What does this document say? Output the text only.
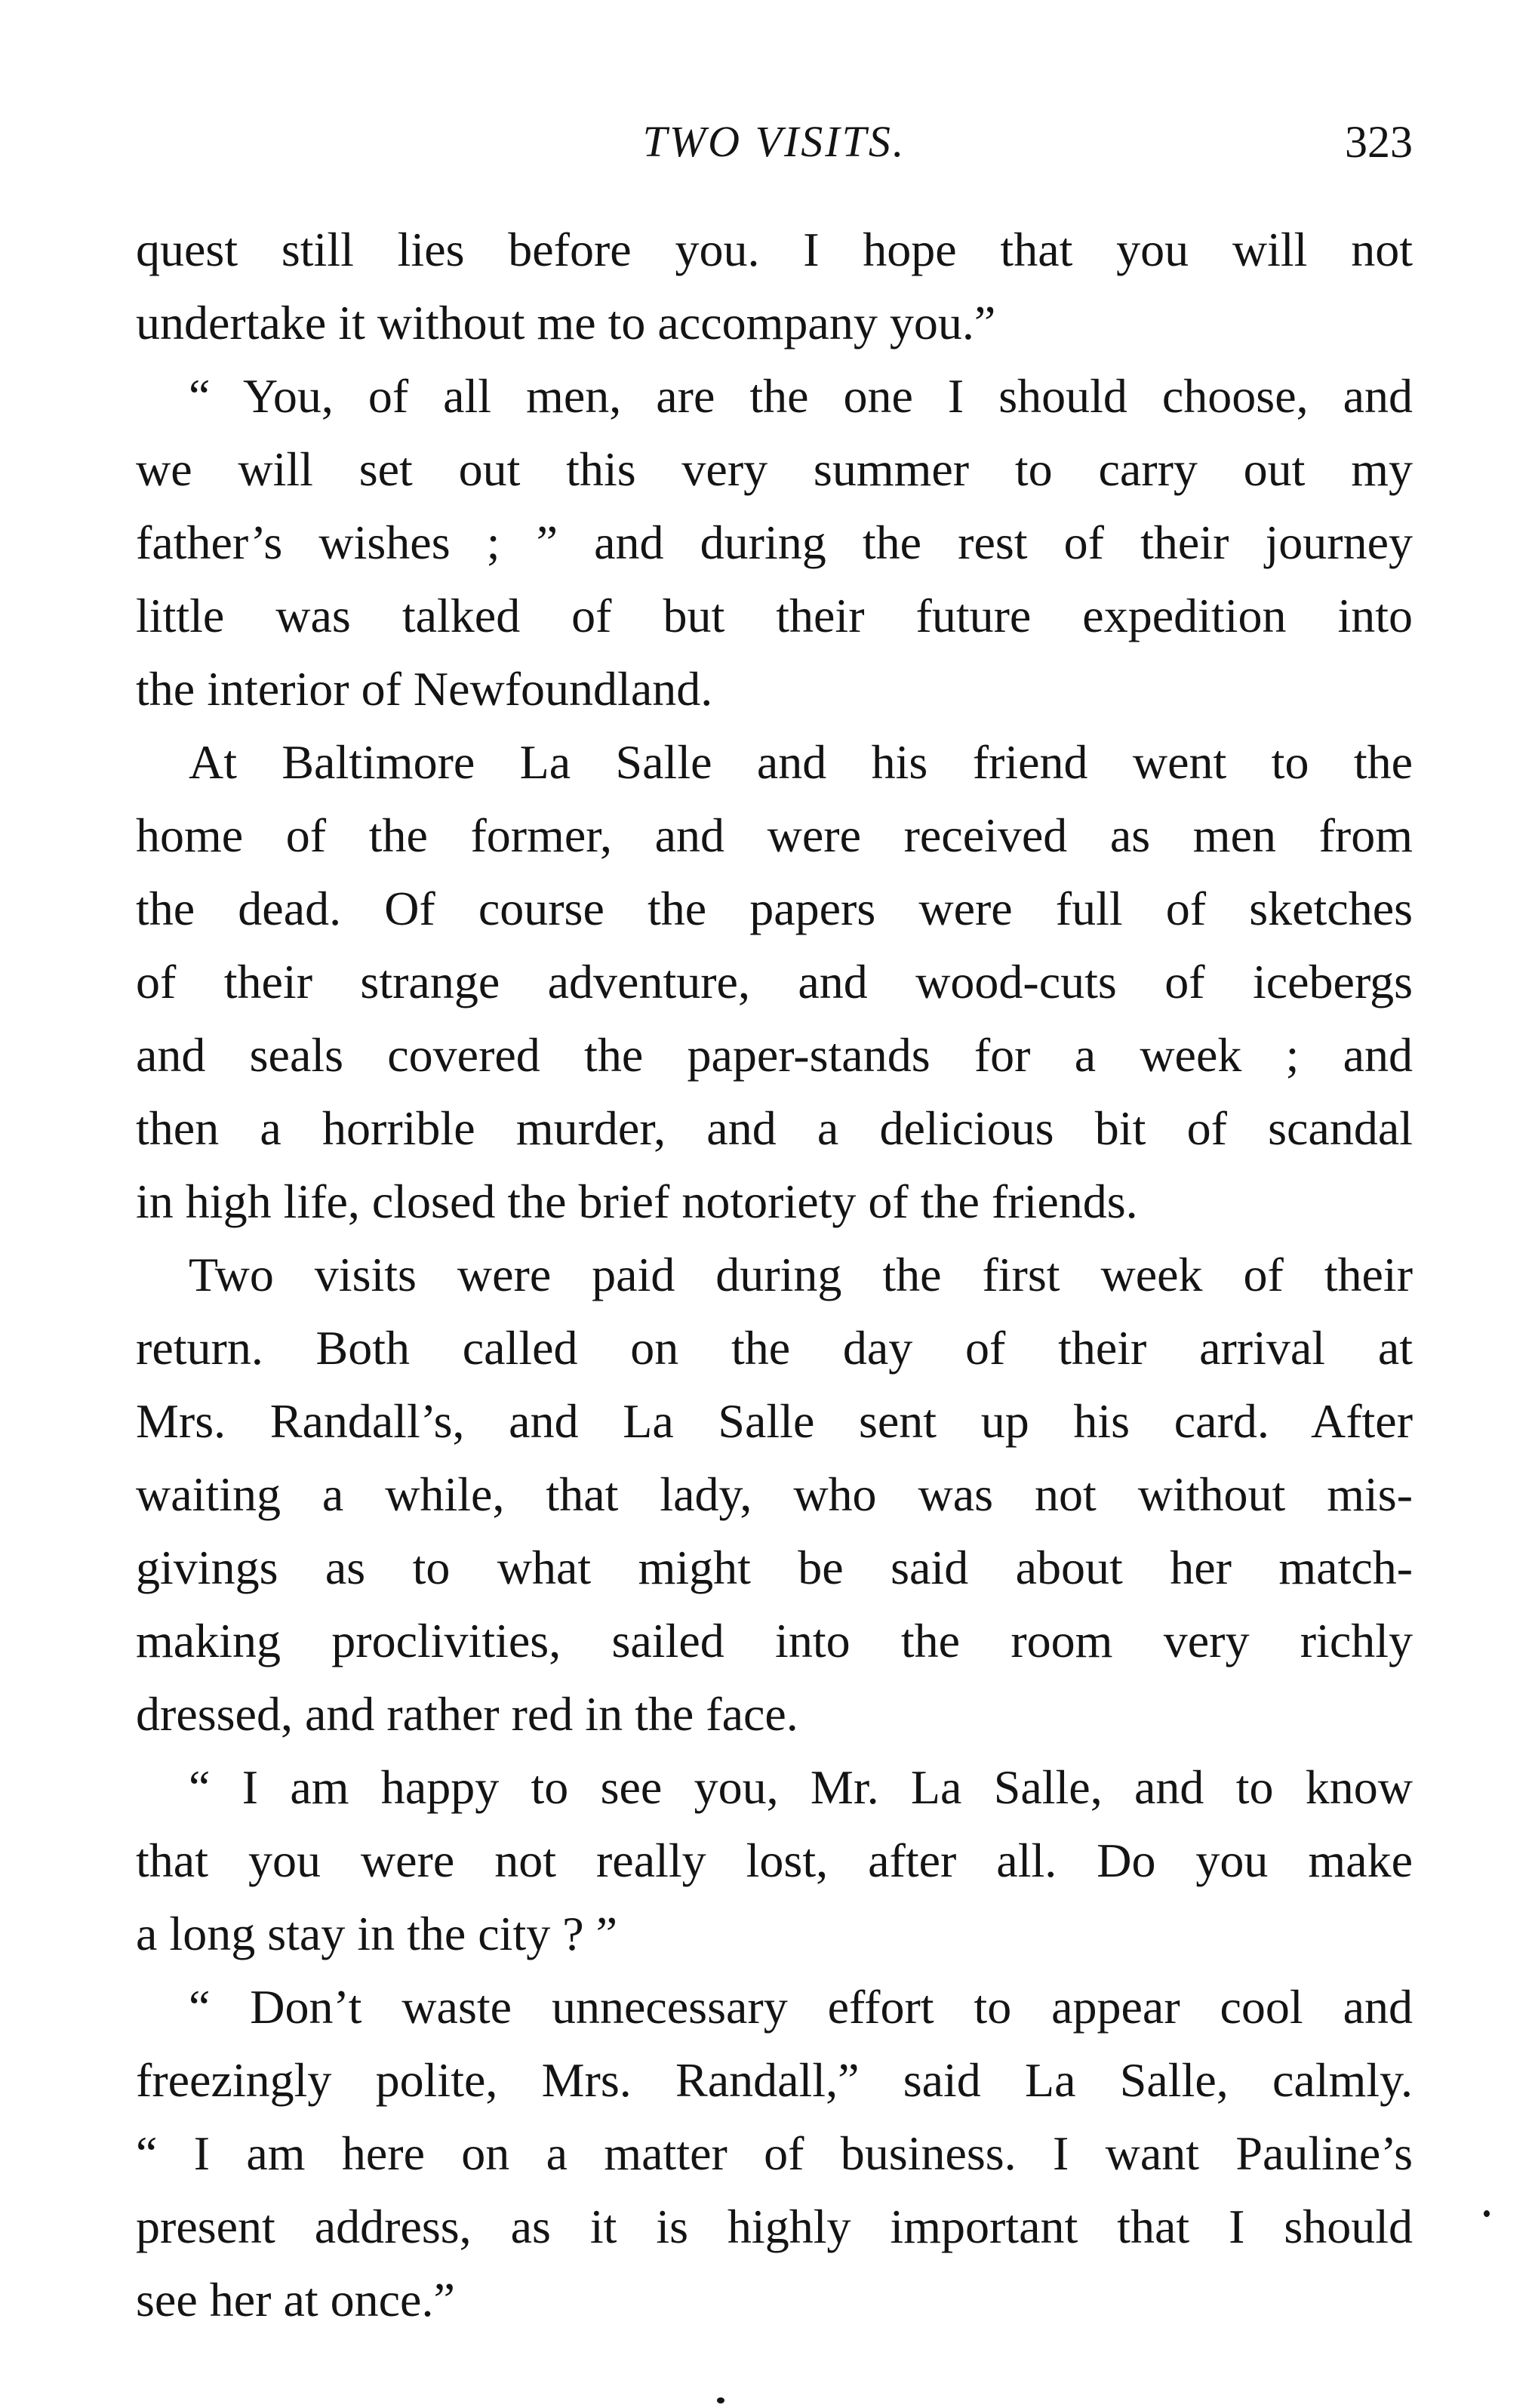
TWO VISITS.	323
quest still lies before you. I hope that you will not
undertake it without me to accompany you.”
“ You, of all men, are the one I should choose, and
we will set out this very summer to carry out my
father’s wishes ; ” and during the rest of their journey
little was talked of but their future expedition into
the interior of Newfoundland.
At Baltimore La Salle and his friend went to the
home of the former, and were received as men from
the dead. Of course the papers were full of sketches
of their strange adventure, and wood-cuts of icebergs
and seals covered the paper-stands for a week ; and
then a horrible murder, and a delicious bit of scandal
in high life, closed the brief notoriety of the friends.
Two visits were paid during the first week of their
return. Both called on the day of their arrival at
Mrs. Randall’s, and La Salle sent up his card. After
waiting a while, that lady, who was not without mis-
givings as to what might be said about her match-
making proclivities, sailed into the room very richly
dressed, and rather red in the face.
“ I am happy to see you, Mr. La Salle, and to know
that you were not really lost, after all. Do you make
a long stay in the city ? ”
“ Don’t waste unnecessary effort to appear cool and
freezingly polite, Mrs. Randall,” said La Salle, calmly.
“ I am here on a matter of business. I want Pauline’s
present address, as it is highly important that I should
see her at once.”
